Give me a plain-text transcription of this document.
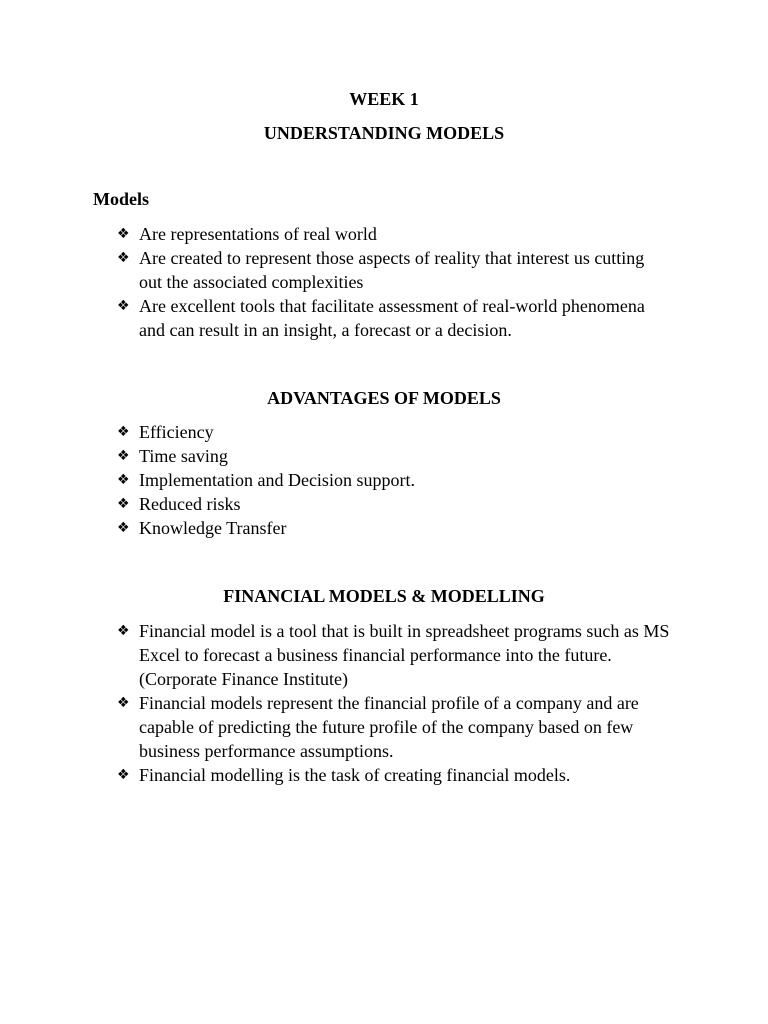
WEEK 1

UNDERSTANDING MODELS

Models

❖ Are representations of real world
❖ Are created to represent those aspects of reality that interest us cutting out the associated complexities
❖ Are excellent tools that facilitate assessment of real-world phenomena and can result in an insight, a forecast or a decision.

ADVANTAGES OF MODELS

❖ Efficiency
❖ Time saving
❖ Implementation and Decision support.
❖ Reduced risks
❖ Knowledge Transfer

FINANCIAL MODELS & MODELLING

❖ Financial model is a tool that is built in spreadsheet programs such as MS Excel to forecast a business financial performance into the future. (Corporate Finance Institute)
❖ Financial models represent the financial profile of a company and are capable of predicting the future profile of the company based on few business performance assumptions.
❖ Financial modelling is the task of creating financial models.
